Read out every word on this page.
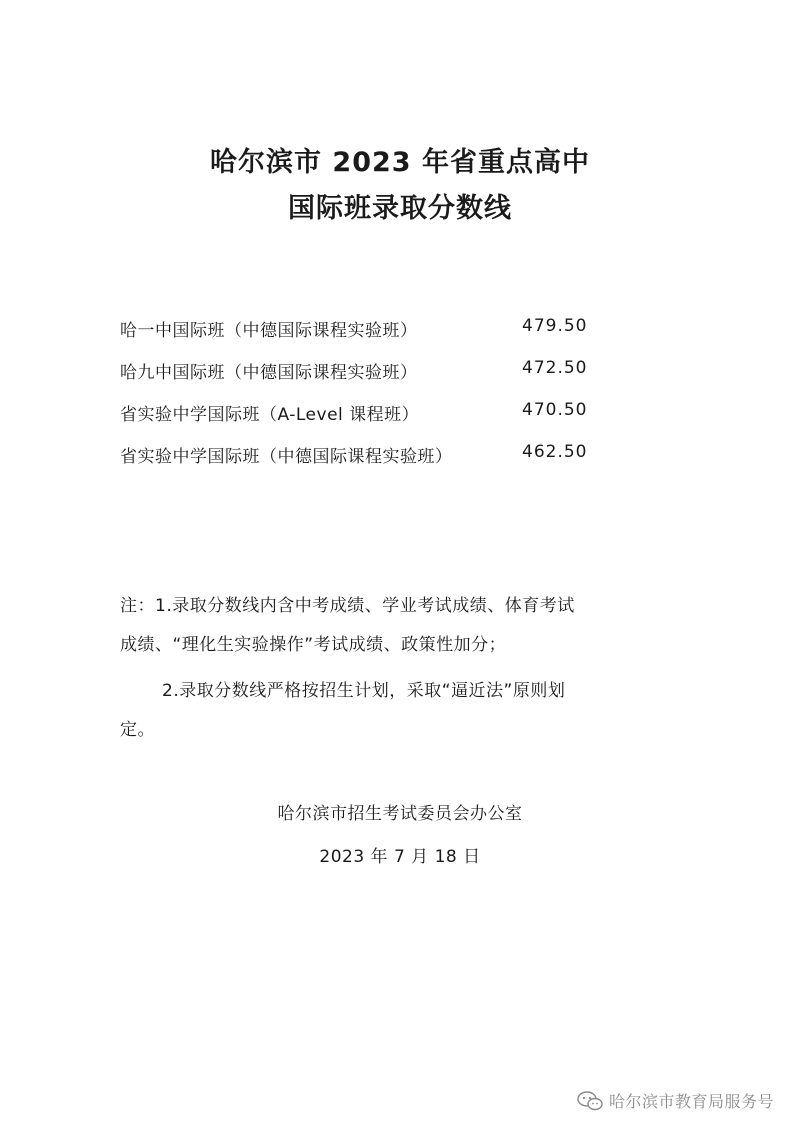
哈尔滨市 2023 年省重点高中
国际班录取分数线
哈一中国际班（中德国际课程实验班）	479.50
哈九中国际班（中德国际课程实验班）	472.50
省实验中学国际班（A-Level 课程班）	470.50
省实验中学国际班（中德国际课程实验班）	462.50
注：1.录取分数线内含中考成绩、学业考试成绩、体育考试
成绩、“理化生实验操作”考试成绩、政策性加分；
2.录取分数线严格按招生计划，采取“逼近法”原则划
定。
哈尔滨市招生考试委员会办公室
2023 年 7 月 18 日
哈尔滨市教育局服务号
